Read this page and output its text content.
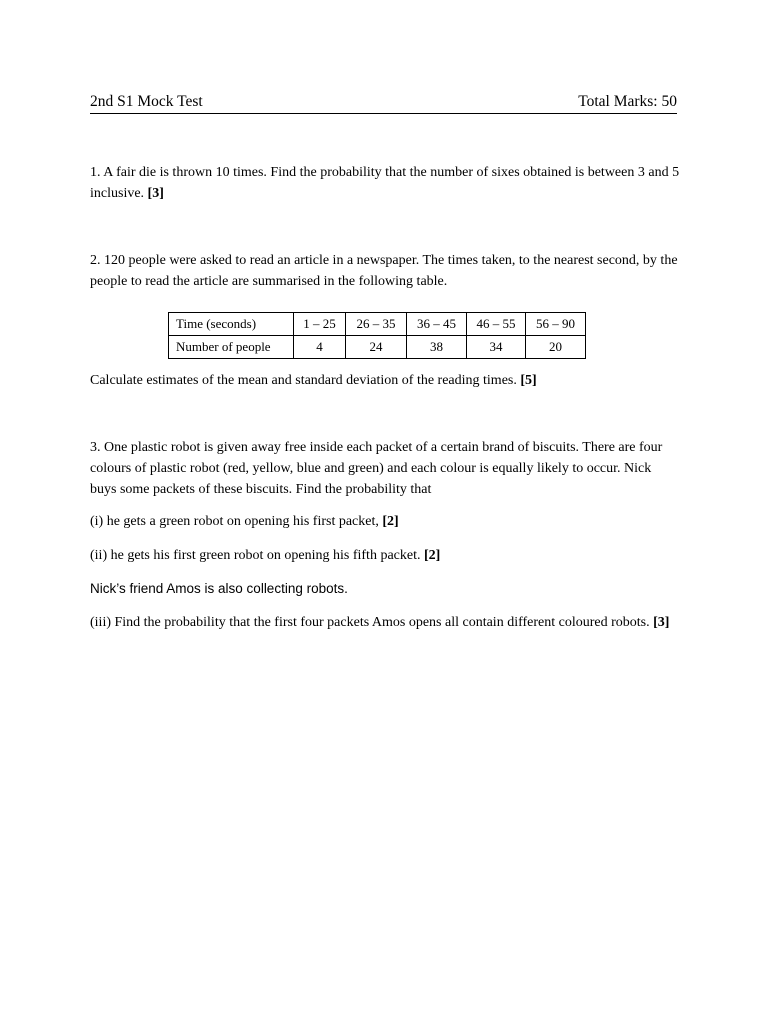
2nd S1 Mock Test	Total Marks: 50
1. A fair die is thrown 10 times. Find the probability that the number of sixes obtained is between 3 and 5 inclusive. [3]
2. 120 people were asked to read an article in a newspaper. The times taken, to the nearest second, by the people to read the article are summarised in the following table.
Time (seconds)	1 – 25	26 – 35	36 – 45	46 – 55	56 – 90
Number of people	4	24	38	34	20
Calculate estimates of the mean and standard deviation of the reading times. [5]
3. One plastic robot is given away free inside each packet of a certain brand of biscuits. There are four colours of plastic robot (red, yellow, blue and green) and each colour is equally likely to occur. Nick buys some packets of these biscuits. Find the probability that
(i) he gets a green robot on opening his first packet, [2]
(ii) he gets his first green robot on opening his fifth packet. [2]
Nick’s friend Amos is also collecting robots.
(iii) Find the probability that the first four packets Amos opens all contain different coloured robots. [3]
